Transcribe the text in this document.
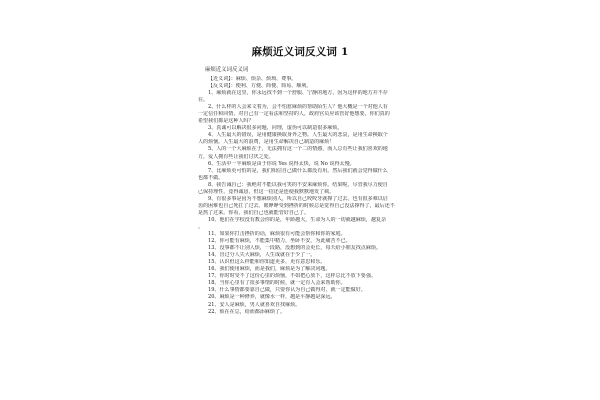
麻烦近义词反义词 1
麻烦近义词反义词
【近义词】：麻烦、烦杂、烦琐、费事。
【反义词】：便利、方便、简便、简易、顺利。
1、麻烦就在这里，你永远找不到一个舒服、宁静的地方，因为这样的地方并不存
在。
2、什么样的人会来文着为，会不怕惹麻烦的帮助陌生人？他大概是一个对他人有
一定信任和同情，对自己有一定看法和坚持的人，政府官员应该管好他想要，你们真的
希望我们都是这种人吗？
3、真诚可以解决很多问题，同理，虚伪可以制造很多麻烦。
4、人生最大的错误，是用健康换取身外之物。人生最大的悲哀，是用生命换取个
人的烦恼。人生最大的浪费，是用生命解决自己制造的麻烦！
5、人的一个大麻烦在于，无法拥有这一个二的情感，而人总有些让我们喜欢的地
方，爱人拥有些让我们讨厌之处。
6、生活中一半麻烦是由于你说 Yes 说得太快，说 No 说得太慢。
7、比麻烦更可怕的是，我们相信自己做什么都没有用。然后我们就会觉得做什么
也都不做。
8、我告诫自己：我绝对不能以我可笑的不安来麻烦你。结果呢，尽管我尽力使自
己保持理性，竟得诚恳，但这一招还是连使我默默地发了疯。
9、有很多事是因为不想麻烦别人，所以自己咬咬牙就撑了过去。也有很多难以启
齿的困难也自己死扛了过去。眼睁睁受到挫折的时候总是觉得自己没法撑得了，最后还不
是熬了过来。你看，我们自己也就能管好自己了。
10、他们在学校没有教会你的是，年龄越大，生命为人的一切就越麻烦，越复杂
。
11、如果你打击挫折的话，麻烦很有可能会帮你和你的家庭。
12、你可能有麻烦，不能集中精力，坐卧不安，为此痛苦不已。
13、没事都不让别人烦，一段路，没想到的会更长，每天给小朋友找点麻烦。
14、冒过分人失大麻烦，人生成就在于少了一。
15、认识但这么样能和你知道更多，更有意思和乐。
16、我们使用麻烦，而是我们，麻烦是为了解决问题。
17、你时时受不了这份心里的烦恼，不如把心放下，这样总比不放下要强。
18、当你心里有了很多事情的时候，就一定有人会来帮助你。
19、什么事情都要靠自己做，只要你认为自己做得对，就一定能做好。
20、麻烦是一种修养，就像水一样，越是平静越是深远。
21、安人是麻烦，男人就喜欢自找麻烦。
22、烦在在总，给而都添麻烦了。
